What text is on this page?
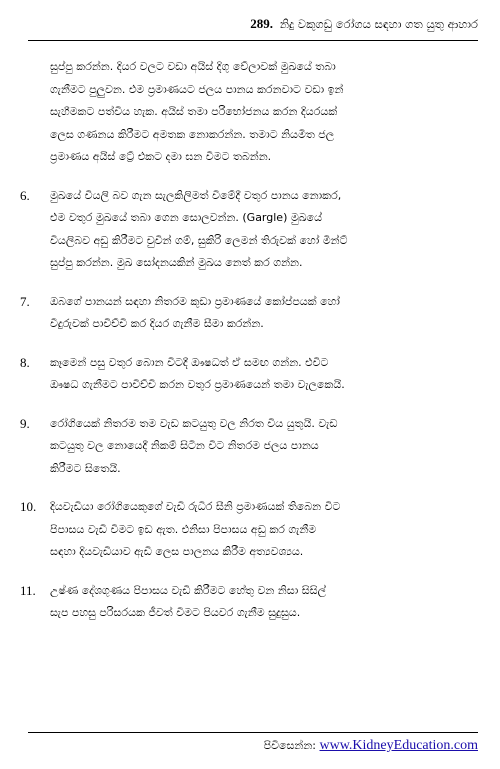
289. නිදු වකුගඩු රෝගය සඳහා ගත යුතු ආහාර
සුප්පු කරන්න. දියර වලට වඩා අයිස් දිගු වේලාවක් මුඛයේ තබා
ගැනීමට පුලුවන. එම ප්‍රමාණයට ජලය පානය කරනවාට වඩා ඉන්
සැහීමකට පත්විය හැක. අයිස් තමා පරිභෝජනය කරන දියරයක්
ලෙස ගණනය කිරීමට අමතක නොකරන්න. තමාට නියමිත ජල
ප්‍රමාණය අයිස් ට්‍රේ එකට දමා ඝන වීමට තබන්න.
6. මුඛයේ වියලි බව ගැන සැලකිලිමත් විමේදී වතුර පානය නොකර,
එම වතුර මුඛයේ තබා ගෙන සොලවන්න. (Gargle) මුඛයේ
වියලිබව අඩු කිරීමට චුවින් ගම්, සුකිරි ලෙමන් තිරුවක් හෝ මින්ට්
සුප්පු කරන්න. මුඛ සෝදනයකින් මුඛය නෙත් කර ගන්න.
7. ඔබගේ පානයන් සඳහා නිතරම කුඩා ප්‍රමාණයේ කෝප්පයක් හෝ
වීදුරුවක් පාවිච්චි කර දියර ගැනීම සීමා කරන්න.
8. කෑමෙන් පසු වතුර බොන විටදී ඖෂධත් ඒ සමඟ ගන්න. එවිට
ඖෂධ ගැනීමට පාවිච්චි කරන වතුර ප්‍රමාණයෙන් තමා වැලකෙයි.
9. රෝගියෙක් නිතරම තම වැඩ කටයුතු වල නිරත විය යුතුයි. වැඩ
කටයුතු වල නොයෙදී නිකම් සිටින විට නිතරම ජලය පානය
කිරීමට සිතෙයි.
10. දියවැඩියා රෝගියෙකුගේ වැඩි රුධිර සීනි ප්‍රමාණයක් තිබෙන විට
පිපාසය වැඩි වීමට ඉඩ ඇත. එනිසා පිපාසය අඩු කර ගැනීම
සඳහා දියවැඩියාව ඇඩි ලෙස පාලනය කිරීම අත්‍යවශ්‍යය.
11. උෂ්ණ දේශගුණය පිපාසය වැඩි කිරීමට හේතු වන නිසා සිසිල්
සැප පහසු පරිසරයක ජීවත් වීමට පියවර ගැනීම සුදුසුය.
පිවිසෙන්න: www.KidneyEducation.com
